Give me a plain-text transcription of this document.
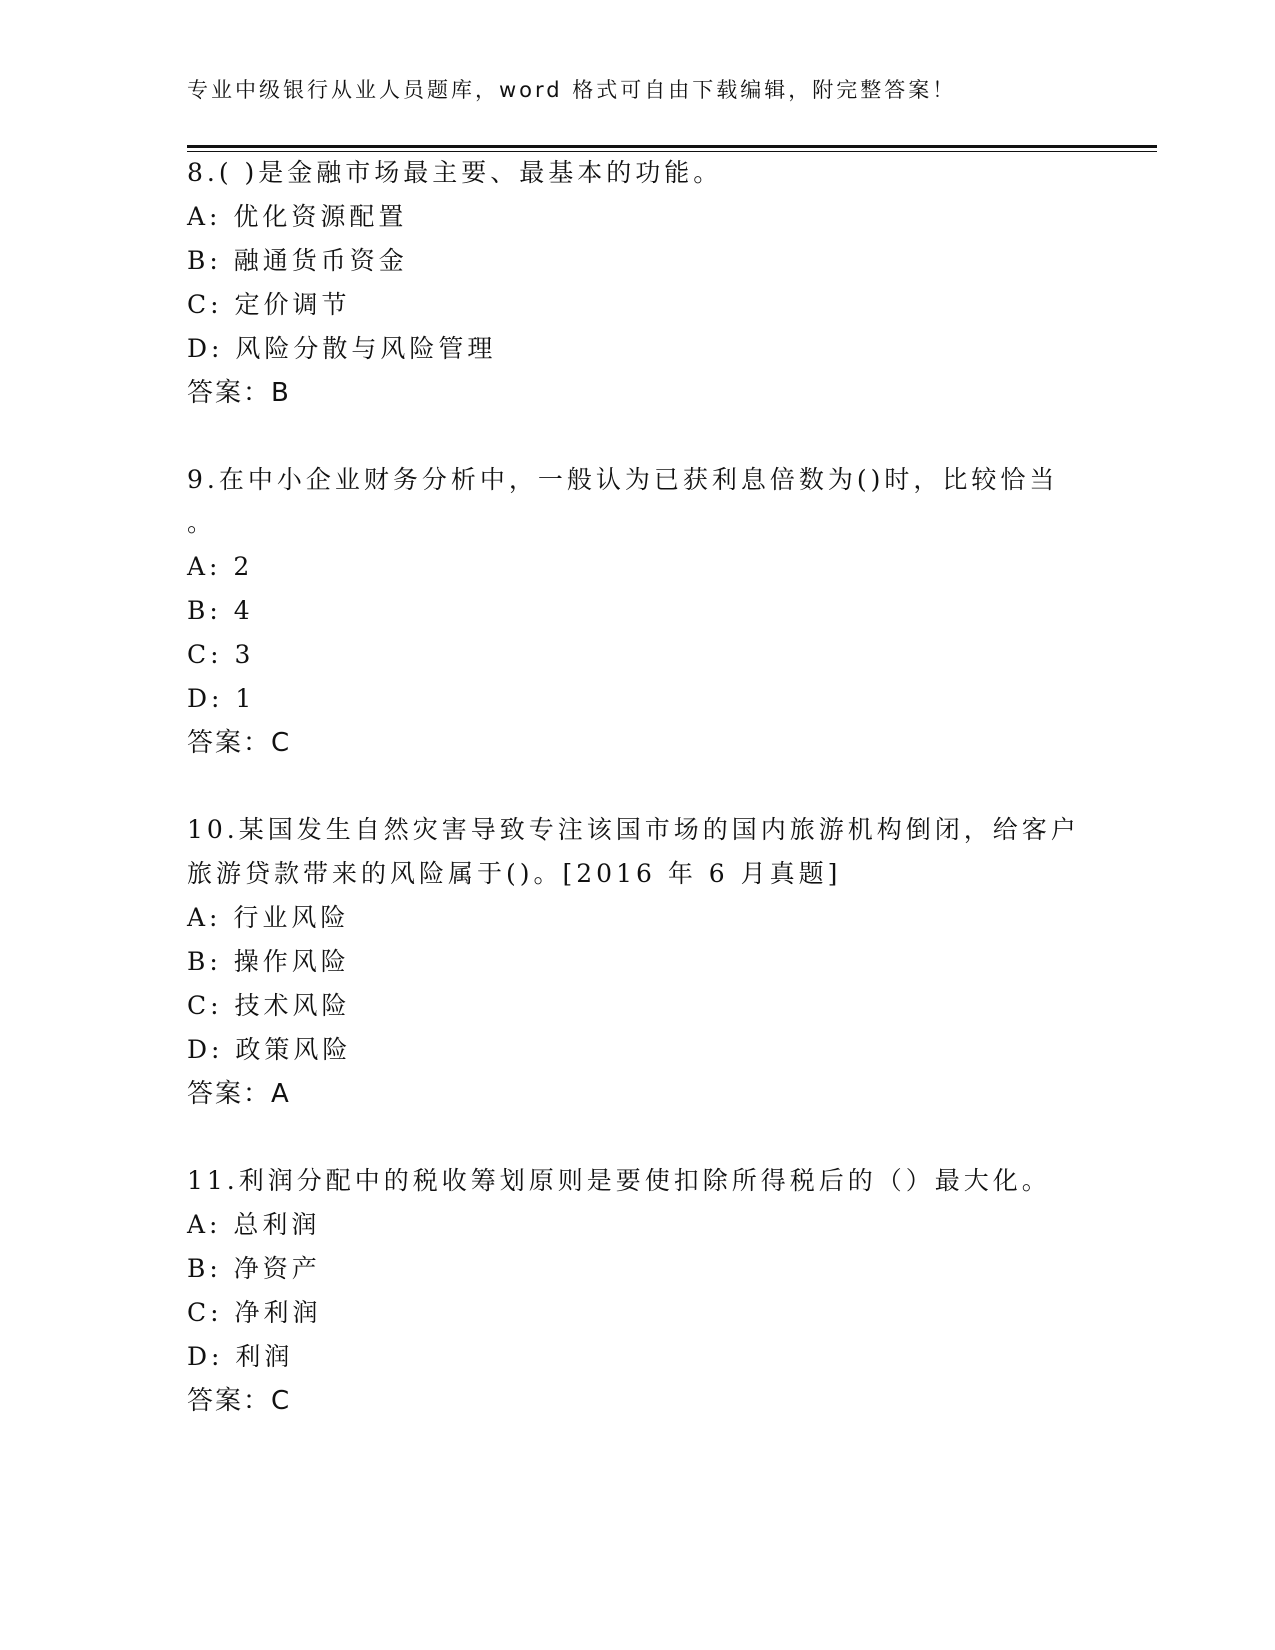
专业中级银行从业人员题库，word 格式可自由下载编辑，附完整答案！
8.( )是金融市场最主要、最基本的功能。
A: 优化资源配置
B: 融通货币资金
C: 定价调节
D: 风险分散与风险管理
答案：B
9.在中小企业财务分析中，一般认为已获利息倍数为()时，比较恰当
。
A: 2
B: 4
C: 3
D: 1
答案：C
10.某国发生自然灾害导致专注该国市场的国内旅游机构倒闭，给客户
旅游贷款带来的风险属于()。[2016 年 6 月真题]
A: 行业风险
B: 操作风险
C: 技术风险
D: 政策风险
答案：A
11.利润分配中的税收筹划原则是要使扣除所得税后的（）最大化。
A: 总利润
B: 净资产
C: 净利润
D: 利润
答案：C
